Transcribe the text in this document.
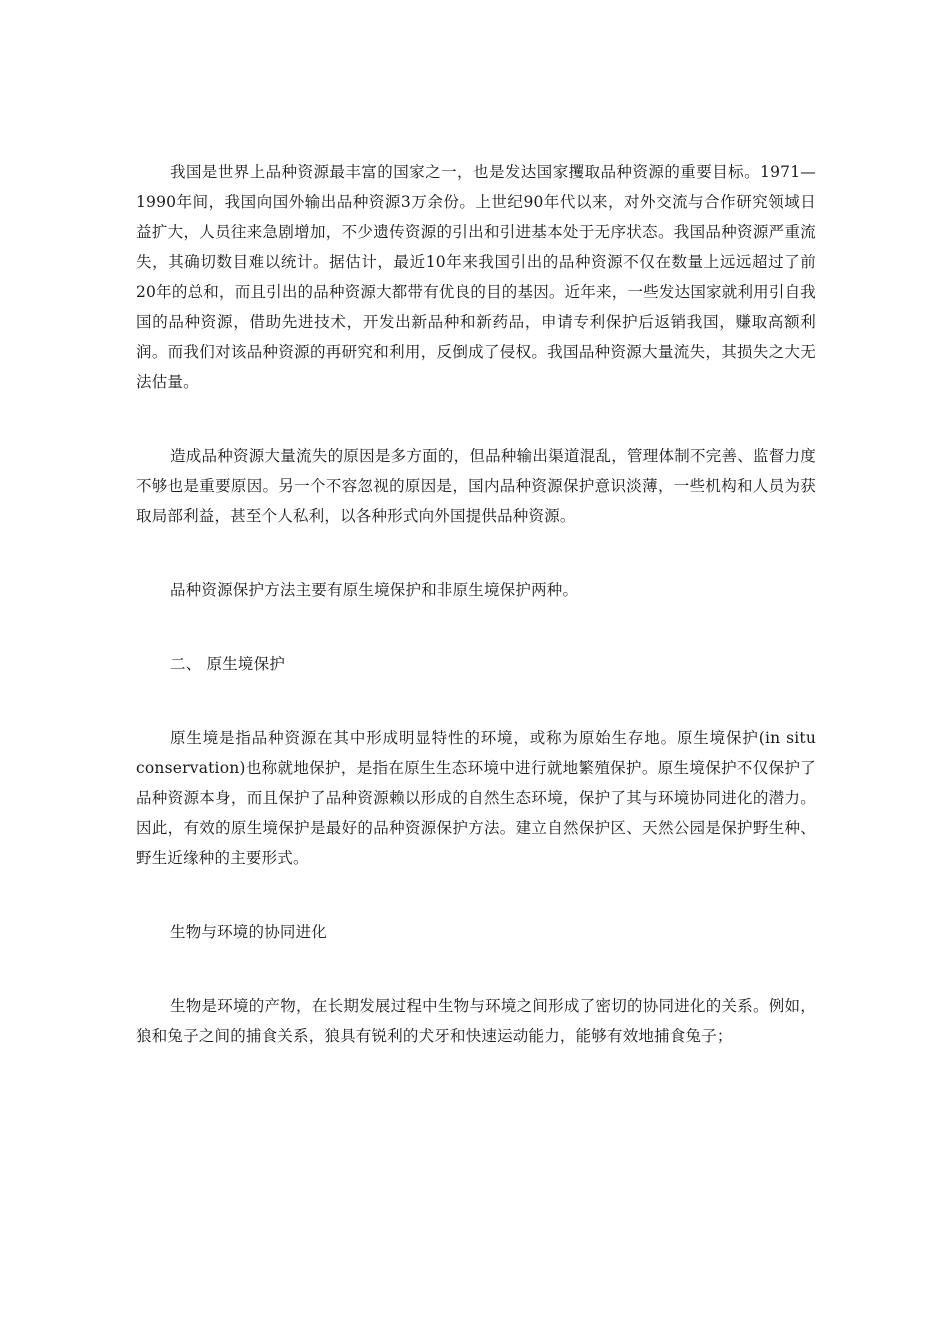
我国是世界上品种资源最丰富的国家之一，也是发达国家攫取品种资源的重要目标。1971—1990年间，我国向国外输出品种资源3万余份。上世纪90年代以来，对外交流与合作研究领域日益扩大，人员往来急剧增加，不少遗传资源的引出和引进基本处于无序状态。我国品种资源严重流失，其确切数目难以统计。据估计，最近10年来我国引出的品种资源不仅在数量上远远超过了前20年的总和，而且引出的品种资源大都带有优良的目的基因。近年来，一些发达国家就利用引自我国的品种资源，借助先进技术，开发出新品种和新药品，申请专利保护后返销我国，赚取高额利润。而我们对该品种资源的再研究和利用，反倒成了侵权。我国品种资源大量流失，其损失之大无法估量。

造成品种资源大量流失的原因是多方面的，但品种输出渠道混乱，管理体制不完善、监督力度不够也是重要原因。另一个不容忽视的原因是，国内品种资源保护意识淡薄，一些机构和人员为获取局部利益，甚至个人私利，以各种形式向外国提供品种资源。

品种资源保护方法主要有原生境保护和非原生境保护两种。

二、 原生境保护

原生境是指品种资源在其中形成明显特性的环境，或称为原始生存地。原生境保护(in situ conservation)也称就地保护，是指在原生生态环境中进行就地繁殖保护。原生境保护不仅保护了品种资源本身，而且保护了品种资源赖以形成的自然生态环境，保护了其与环境协同进化的潜力。因此，有效的原生境保护是最好的品种资源保护方法。建立自然保护区、天然公园是保护野生种、野生近缘种的主要形式。

生物与环境的协同进化

生物是环境的产物，在长期发展过程中生物与环境之间形成了密切的协同进化的关系。例如，狼和兔子之间的捕食关系，狼具有锐利的犬牙和快速运动能力，能够有效地捕食兔子；
